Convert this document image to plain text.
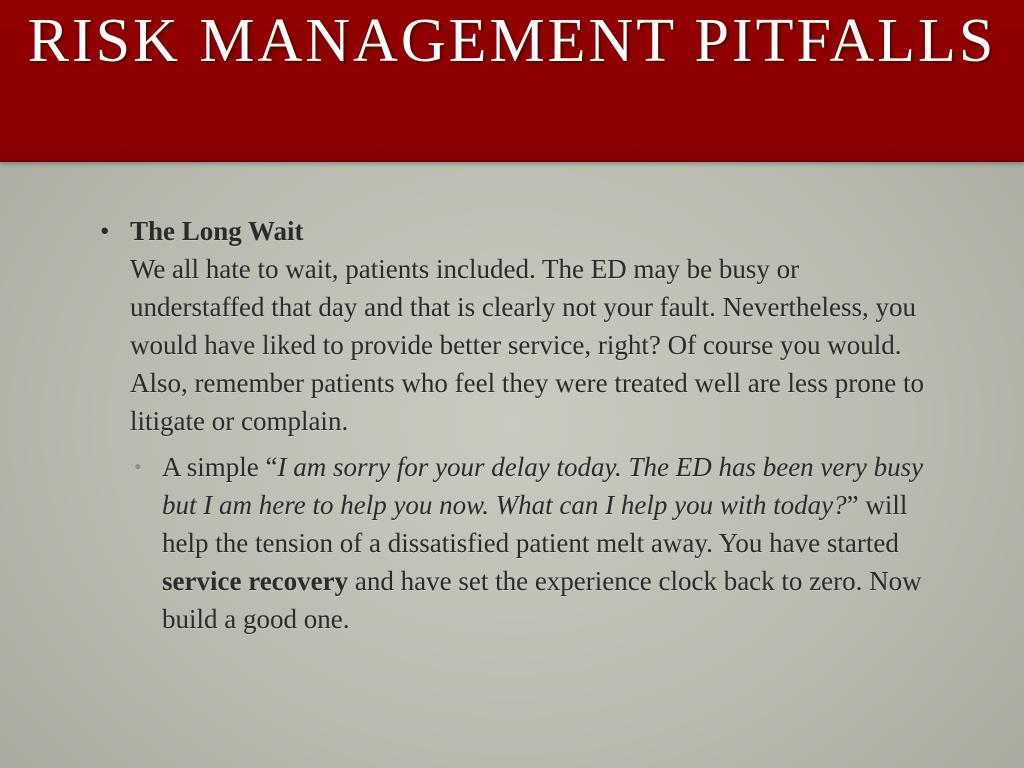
RISK MANAGEMENT PITFALLS
• The Long Wait
We all hate to wait, patients included. The ED may be busy or understaffed that day and that is clearly not your fault. Nevertheless, you would have liked to provide better service, right? Of course you would. Also, remember patients who feel they were treated well are less prone to litigate or complain.
• A simple “I am sorry for your delay today. The ED has been very busy but I am here to help you now. What can I help you with today?” will help the tension of a dissatisfied patient melt away. You have started service recovery and have set the experience clock back to zero. Now build a good one.
